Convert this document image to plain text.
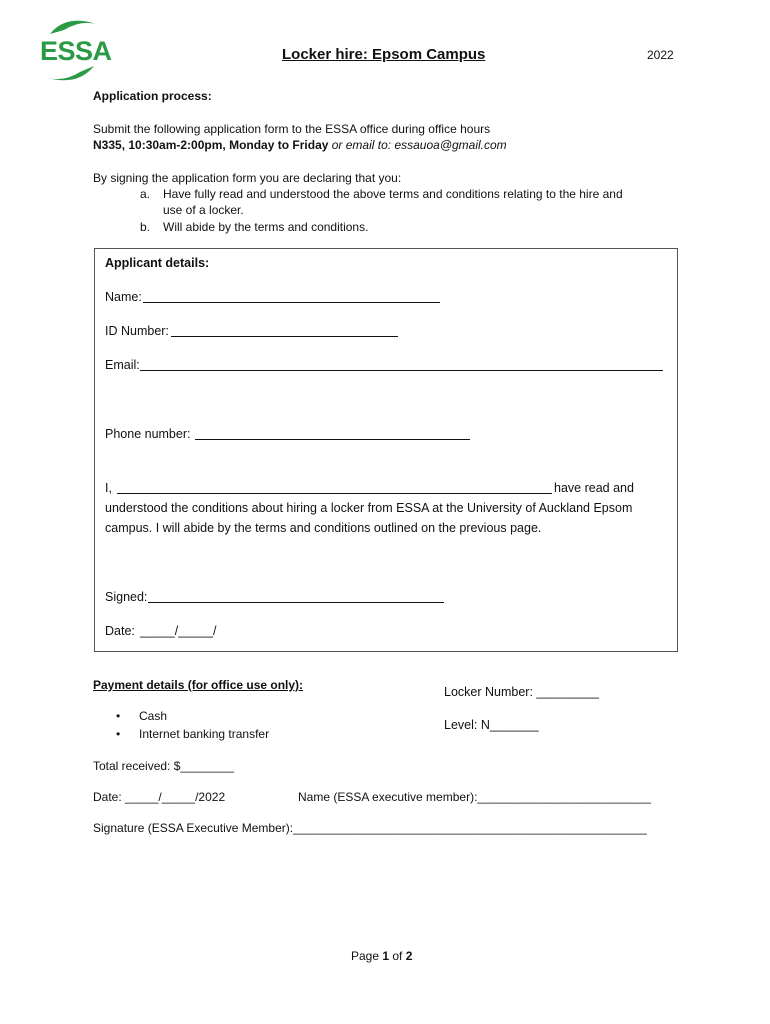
ESSA	Locker hire: Epsom Campus	2022
Application process:
Submit the following application form to the ESSA office during office hours
N335, 10:30am-2:00pm, Monday to Friday or email to: essauoa@gmail.com
By signing the application form you are declaring that you:
a. Have fully read and understood the above terms and conditions relating to the hire and
use of a locker.
b. Will abide by the terms and conditions.
Applicant details:
Name:
ID Number:
Email:
Phone number:
I,	have read and
understood the conditions about hiring a locker from ESSA at the University of Auckland Epsom
campus. I will abide by the terms and conditions outlined on the previous page.
Signed:
Date: _____/_____/
Payment details (for office use only):	Locker Number: _________
Level: N_______
• Cash
• Internet banking transfer
Total received: $________
Date: _____/_____/2022	Name (ESSA executive member):__________________________
Signature (ESSA Executive Member):_____________________________________________________
Page 1 of 2
